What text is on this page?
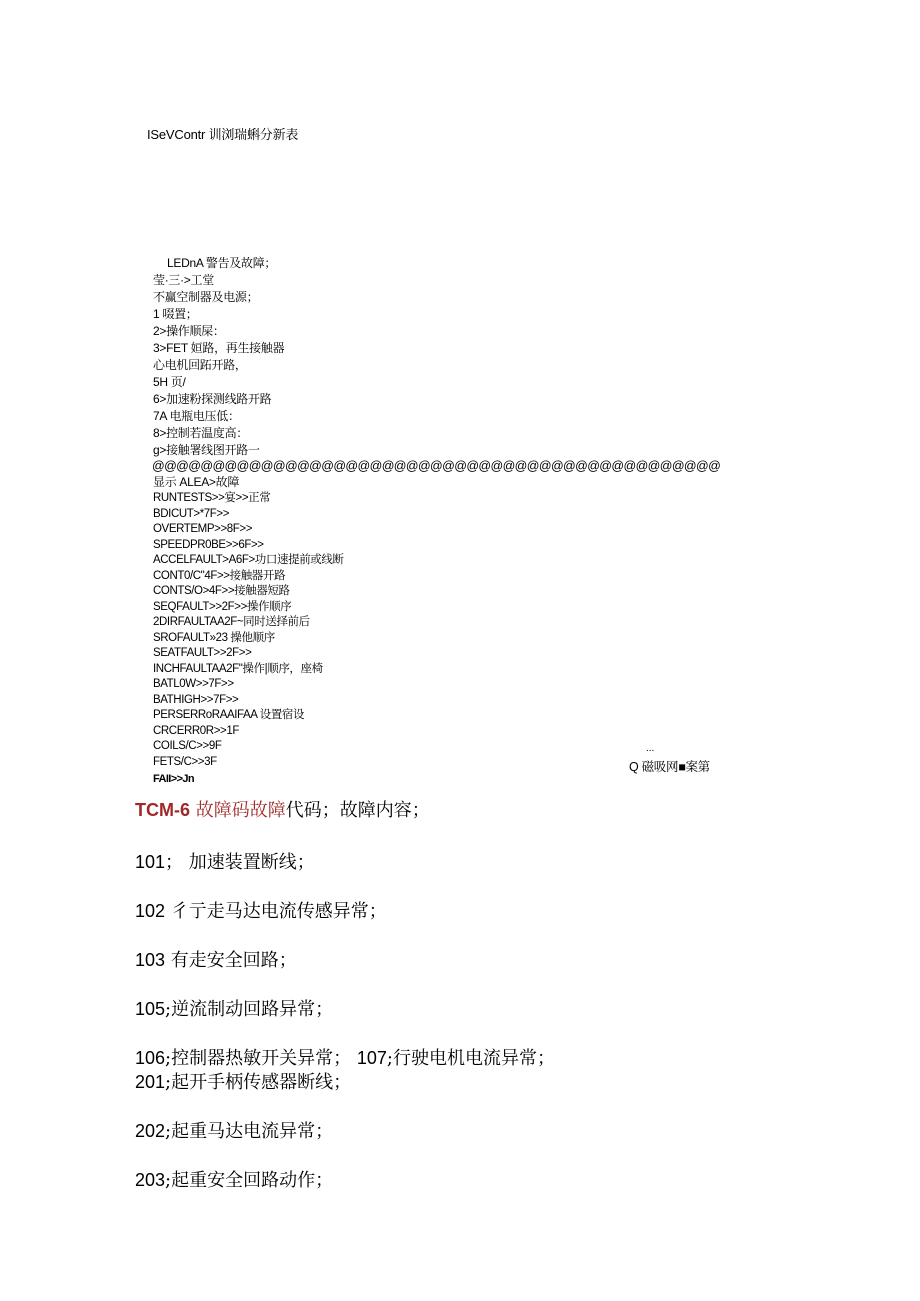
ISeVContr 训浏瑞蝌分新表
LEDnA 警告及故障；
莹·三·>工堂
不赢空制器及电源；
1 啜置；
2>操作顺屎：
3>FET 姮路，再生接触器
心电机回跖开路，
5H 页/
6>加速粉探测线路开路
7A 电瓶电压低：
8>控制若温度高：
g>接触署线图开路一
@@@@@@@@@@@@@@@@@@@@@@@@@@@@@@@@@@@@@@@@@@@@@@@
显示 ALEA>故障
RUNTESTS>>宴>>正常
BDICUT>*7F>>
OVERTEMP>>8F>>
SPEEDPR0BE>>6F>>
ACCELFAULT>A6F>功口速提前或线断
CONT0/C"4F>>接触器开路
CONTS/O>4F>>接触器短路
SEQFAULT>>2F>>操作顺序
2DIRFAULTAA2F~同时送择前后
SROFAULT»23 操他顺序
SEATFAULT>>2F>>
INCHFAULTAA2F"操作|顺序，座椅
BATL0W>>7F>>
BATHIGH>>7F>>
PERSERRoRAAIFAA 设置宿设
CRCERR0R>>1F
COILS/C>>9F
FETS/C>>3F
...
Q 磁吸网■案第
FAII>>Jn
TCM-6 故障码故障代码；故障内容；
101； 加速装置断线；
102 彳亍走马达电流传感异常；
103 有走安全回路；
105;逆流制动回路异常；
106;控制器热敏开关异常； 107;行驶电机电流异常；
201;起开手柄传感器断线；
202;起重马达电流异常；
203;起重安全回路动作；
